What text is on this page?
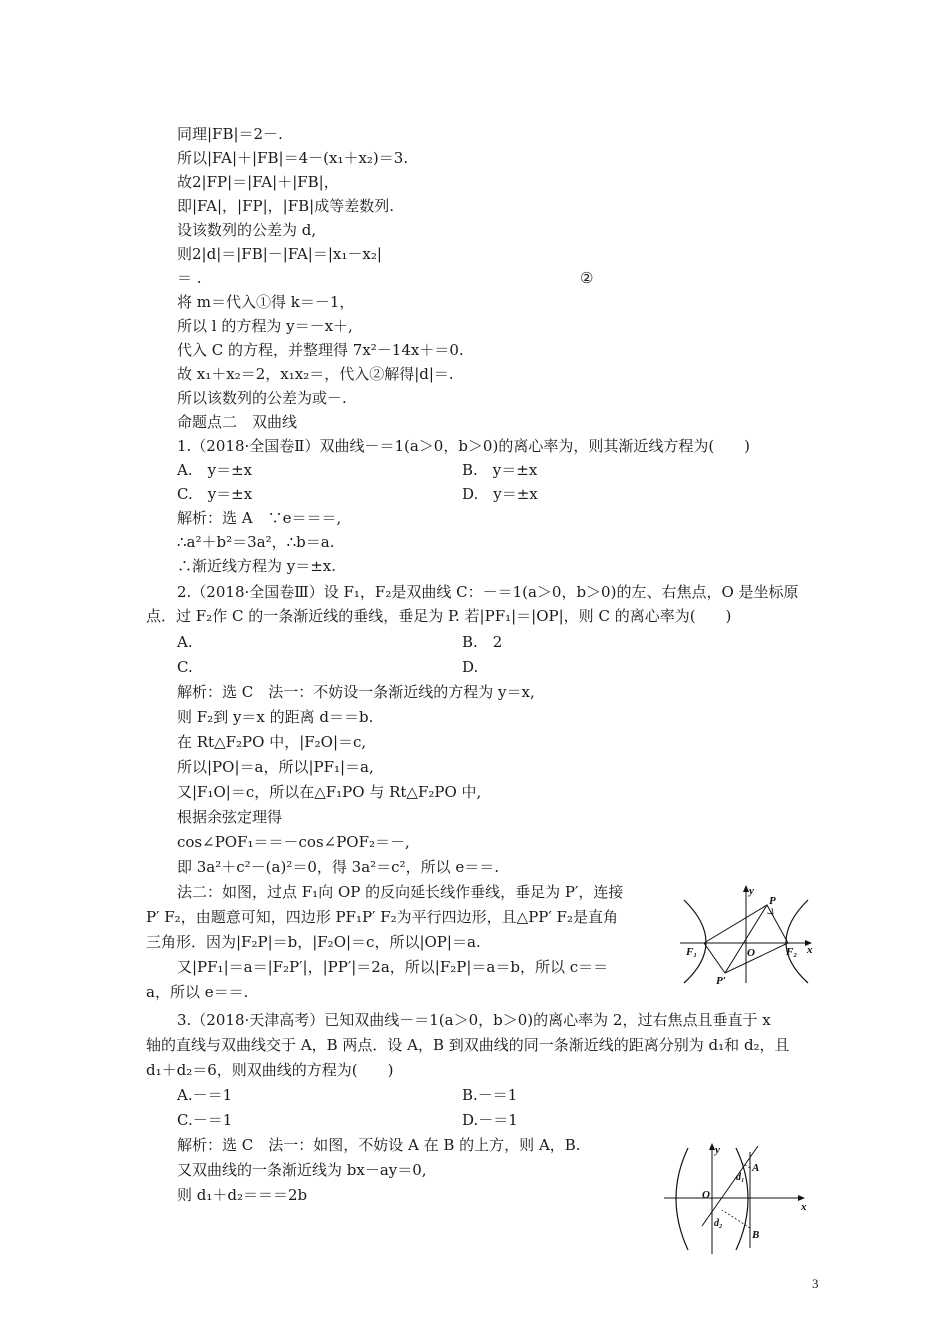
同理|FB|＝2－.
所以|FA|＋|FB|＝4－(x₁＋x₂)＝3.
故2|FP|＝|FA|＋|FB|，
即|FA|，|FP|，|FB|成等差数列.
设该数列的公差为 d,
则2|d|＝|FB|－|FA|＝|x₁－x₂|
＝ .	②
将 m＝代入①得 k＝－1，
所以 l 的方程为 y＝－x＋,
代入 C 的方程，并整理得 7x²－14x＋＝0.
故 x₁＋x₂＝2，x₁x₂＝，代入②解得|d|＝.
所以该数列的公差为或－.
命题点二　双曲线
1.（2018·全国卷Ⅱ）双曲线－＝1(a＞0，b＞0)的离心率为，则其渐近线方程为(　　)
A.　y＝±x	B.　y＝±x
C.　y＝±x	D.　y＝±x
解析：选 A　∵e＝＝＝,
∴a²＋b²＝3a²，∴b＝a.
∴渐近线方程为 y＝±x.
2.（2018·全国卷Ⅲ）设 F₁，F₂是双曲线 C：－＝1(a＞0，b＞0)的左、右焦点，O 是坐标原
点．过 F₂作 C 的一条渐近线的垂线，垂足为 P. 若|PF₁|＝|OP|，则 C 的离心率为(　　)
A.	B.　2
C.	D.
解析：选 C　法一：不妨设一条渐近线的方程为 y＝x,
则 F₂到 y＝x 的距离 d＝＝b.
在 Rt△F₂PO 中，|F₂O|＝c,
所以|PO|＝a，所以|PF₁|＝a,
又|F₁O|＝c，所以在△F₁PO 与 Rt△F₂PO 中,
根据余弦定理得
cos∠POF₁＝＝－cos∠POF₂＝－,
即 3a²＋c²－(a)²＝0，得 3a²＝c²，所以 e＝＝.
法二：如图，过点 F₁向 OP 的反向延长线作垂线，垂足为 P′，连接
P′ F₂，由题意可知，四边形 PF₁P′ F₂为平行四边形，且△PP′ F₂是直角
三角形．因为|F₂P|＝b，|F₂O|＝c，所以|OP|＝a.
又|PF₁|＝a＝|F₂P′|，|PP′|＝2a，所以|F₂P|＝a＝b，所以 c＝＝
a，所以 e＝＝.
3.（2018·天津高考）已知双曲线－＝1(a＞0，b＞0)的离心率为 2，过右焦点且垂直于 x
轴的直线与双曲线交于 A，B 两点．设 A，B 到双曲线的同一条渐近线的距离分别为 d₁和 d₂，且
d₁＋d₂＝6，则双曲线的方程为(　　)
A.－＝1	B.－＝1
C.－＝1	D.－＝1
解析：选 C　法一：如图，不妨设 A 在 B 的上方，则 A，B.
又双曲线的一条渐近线为 bx－ay＝0,
则 d₁＋d₂＝＝＝2b
y
x
P
O
F₁	F₂
P′
y
x
O
A
B
d₁
d₂
3
